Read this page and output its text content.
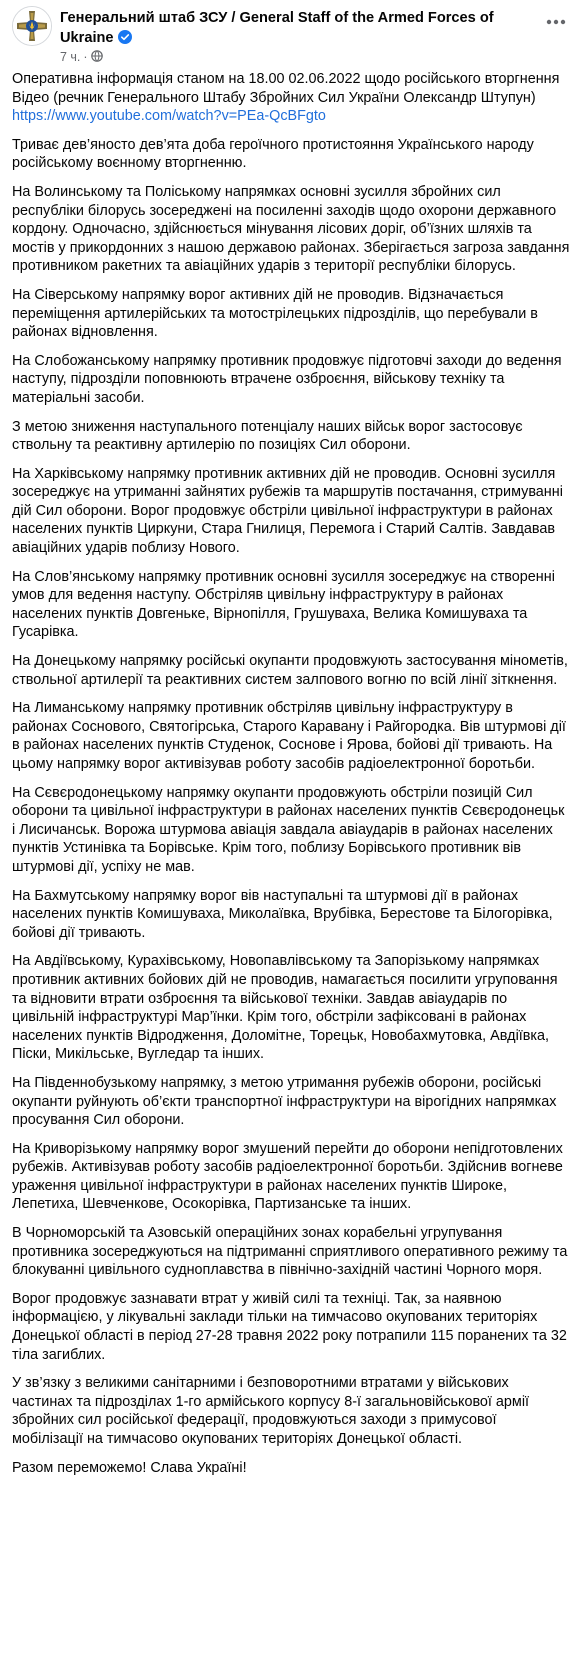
Генеральний штаб ЗСУ / General Staff of the Armed Forces of Ukraine
7 ч. ·

Оперативна інформація станом на 18.00 02.06.2022 щодо російського вторгнення
Відео (речник Генерального Штабу Збройних Сил України Олександр Штупун)
https://www.youtube.com/watch?v=PEa-QcBFgto

Триває дев’яносто дев’ята доба героїчного протистояння Українського народу російському воєнному вторгненню.

На Волинському та Поліському напрямках основні зусилля збройних сил республіки білорусь зосереджені на посиленні заходів щодо охорони державного кордону. Одночасно, здійснюється мінування лісових доріг, об’їзних шляхів та мостів у прикордонних з нашою державою районах. Зберігається загроза завдання противником ракетних та авіаційних ударів з території республіки білорусь.

На Сіверському напрямку ворог активних дій не проводив. Відзначається переміщення артилерійських та мотострілецьких підрозділів, що перебували в районах відновлення.

На Слобожанському напрямку противник продовжує підготовчі заходи до ведення наступу, підрозділи поповнюють втрачене озброєння, військову техніку та матеріальні засоби.

З метою зниження наступального потенціалу наших військ ворог застосовує ствольну та реактивну артилерію по позиціях Сил оборони.

На Харківському напрямку противник активних дій не проводив. Основні зусилля зосереджує на утриманні зайнятих рубежів та маршрутів постачання, стримуванні дій Сил оборони. Ворог продовжує обстріли цивільної інфраструктури в районах населених пунктів Циркуни, Стара Гнилиця, Перемога і Старий Салтів. Завдавав авіаційних ударів поблизу Нового.

На Слов’янському напрямку противник основні зусилля зосереджує на створенні умов для ведення наступу. Обстріляв цивільну інфраструктуру в районах населених пунктів Довгеньке, Вірнопілля, Грушуваха, Велика Комишуваха та Гусарівка.

На Донецькому напрямку російські окупанти продовжують застосування мінометів, ствольної артилерії та реактивних систем залпового вогню по всій лінії зіткнення.

На Лиманському напрямку противник обстріляв цивільну інфраструктуру в районах Соснового, Святогірська, Старого Каравану і Райгородка. Вів штурмові дії в районах населених пунктів Студенок, Соснове і Ярова, бойові дії тривають. На цьому напрямку ворог активізував роботу засобів радіоелектронної боротьби.

На Сєвєродонецькому напрямку окупанти продовжують обстріли позицій Сил оборони та цивільної інфраструктури в районах населених пунктів Сєвєродонецьк і Лисичанськ. Ворожа штурмова авіація завдала авіаударів в районах населених пунктів Устинівка та Борівське. Крім того, поблизу Борівського противник вів штурмові дії, успіху не мав.

На Бахмутському напрямку ворог вів наступальні та штурмові дії в районах населених пунктів Комишуваха, Миколаївка, Врубівка, Берестове та Білогорівка, бойові дії тривають.

На Авдіївському, Курахівському, Новопавлівському та Запорізькому напрямках противник активних бойових дій не проводив, намагається посилити угруповання та відновити втрати озброєння та військової техніки. Завдав авіаударів по цивільній інфраструктурі Мар’їнки. Крім того, обстріли зафіксовані в районах населених пунктів Відродження, Доломітне, Торецьк, Новобахмутовка, Авдіївка, Піски, Микільське, Вугледар та інших.

На Південнобузькому напрямку, з метою утримання рубежів оборони, російські окупанти руйнують об’єкти транспортної інфраструктури на вірогідних напрямках просування Сил оборони.

На Криворізькому напрямку ворог змушений перейти до оборони непідготовлених рубежів. Активізував роботу засобів радіоелектронної боротьби. Здійснив вогневе ураження цивільної інфраструктури в районах населених пунктів Широке, Лепетиха, Шевченкове, Осокорівка, Партизанське та інших.

В Чорноморській та Азовській операційних зонах корабельні угрупування противника зосереджуються на підтриманні сприятливого оперативного режиму та блокуванні цивільного судноплавства в північно-західній частині Чорного моря.

Ворог продовжує зазнавати втрат у живій силі та техніці. Так, за наявною інформацією, у лікувальні заклади тільки на тимчасово окупованих територіях Донецької області в період 27-28 травня 2022 року потрапили 115 поранених та 32 тіла загиблих.

У зв’язку з великими санітарними і безповоротними втратами у військових частинах та підрозділах 1-го армійського корпусу 8-ї загальновійськової армії збройних сил російської федерації, продовжуються заходи з примусової мобілізації на тимчасово окупованих територіях Донецької області.

Разом переможемо! Слава Україні!
